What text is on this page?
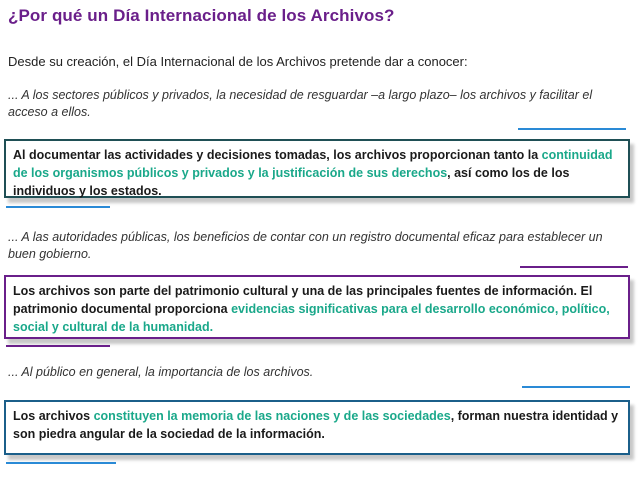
¿Por qué un Día Internacional de los Archivos?

Desde su creación, el Día Internacional de los Archivos pretende dar a conocer:

... A los sectores públicos y privados, la necesidad de resguardar –a largo plazo– los archivos y facilitar el acceso a ellos.

Al documentar las actividades y decisiones tomadas, los archivos proporcionan tanto la continuidad de los organismos públicos y privados y la justificación de sus derechos, así como los de los individuos y los estados.

... A las autoridades públicas, los beneficios de contar con un registro documental eficaz para establecer un buen gobierno.

Los archivos son parte del patrimonio cultural y una de las principales fuentes de información. El patrimonio documental proporciona evidencias significativas para el desarrollo económico, político, social y cultural de la humanidad.

... Al público en general, la importancia de los archivos.

Los archivos constituyen la memoria de las naciones y de las sociedades, forman nuestra identidad y son piedra angular de la sociedad de la información.
